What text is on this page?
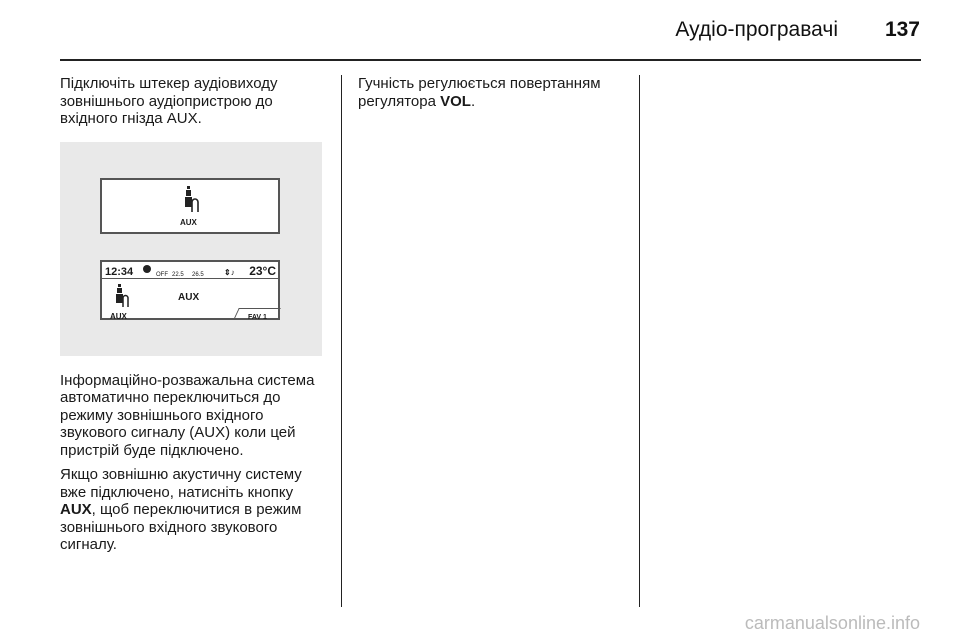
Аудіо-програвачі 137

Підключіть штекер аудіовиходу зовнішнього аудіопристрою до вхідного гнізда AUX.

AUX
12:34	OFF 22.5 26.5	⇕♪ 23°C
AUX
AUX
FAV 1

Інформаційно-розважальна система автоматично переключиться до режиму зовнішнього вхідного звукового сигналу (AUX) коли цей пристрій буде підключено.

Якщо зовнішню акустичну систему вже підключено, натисніть кнопку AUX, щоб переключитися в режим зовнішнього вхідного звукового сигналу.

Гучність регулюється повертанням регулятора VOL.

carmanualsonline.info
